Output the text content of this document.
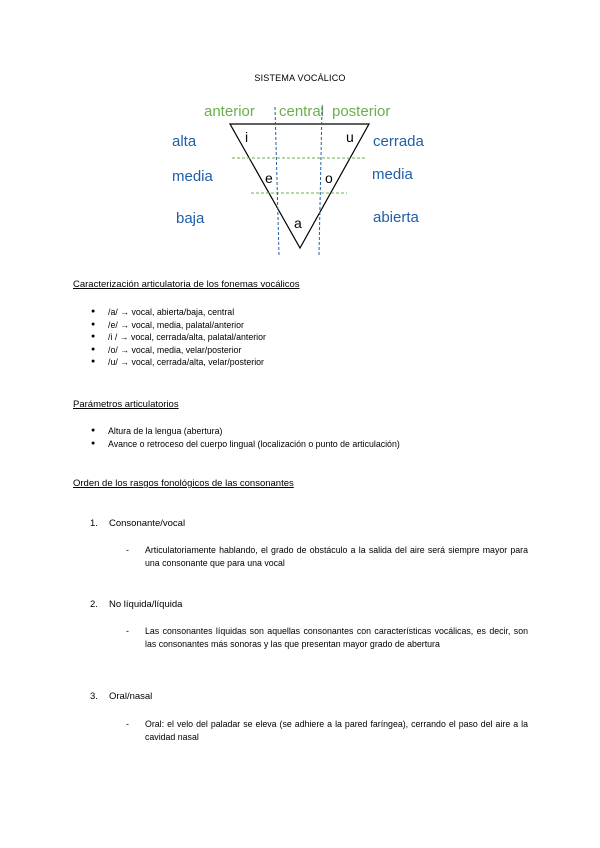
SISTEMA VOCÁLICO
anterior central posterior
alta
media
baja
cerrada
media
abierta
i	u
e	o
a
Caracterización articulatoria de los fonemas vocálicos
● /a/ → vocal, abierta/baja, central
● /e/ → vocal, media, palatal/anterior
● /i / → vocal, cerrada/alta, palatal/anterior
● /o/ → vocal, media, velar/posterior
● /u/ → vocal, cerrada/alta, velar/posterior
Parámetros articulatorios
● Altura de la lengua (abertura)
● Avance o retroceso del cuerpo lingual (localización o punto de articulación)
Orden de los rasgos fonológicos de las consonantes
1. Consonante/vocal
- Articulatoriamente hablando, el grado de obstáculo a la salida del aire será siempre mayor para una consonante que para una vocal
2. No líquida/líquida
- Las consonantes líquidas son aquellas consonantes con características vocálicas, es decir, son las consonantes más sonoras y las que presentan mayor grado de abertura
3. Oral/nasal
- Oral: el velo del paladar se eleva (se adhiere a la pared faríngea), cerrando el paso del aire a la cavidad nasal
